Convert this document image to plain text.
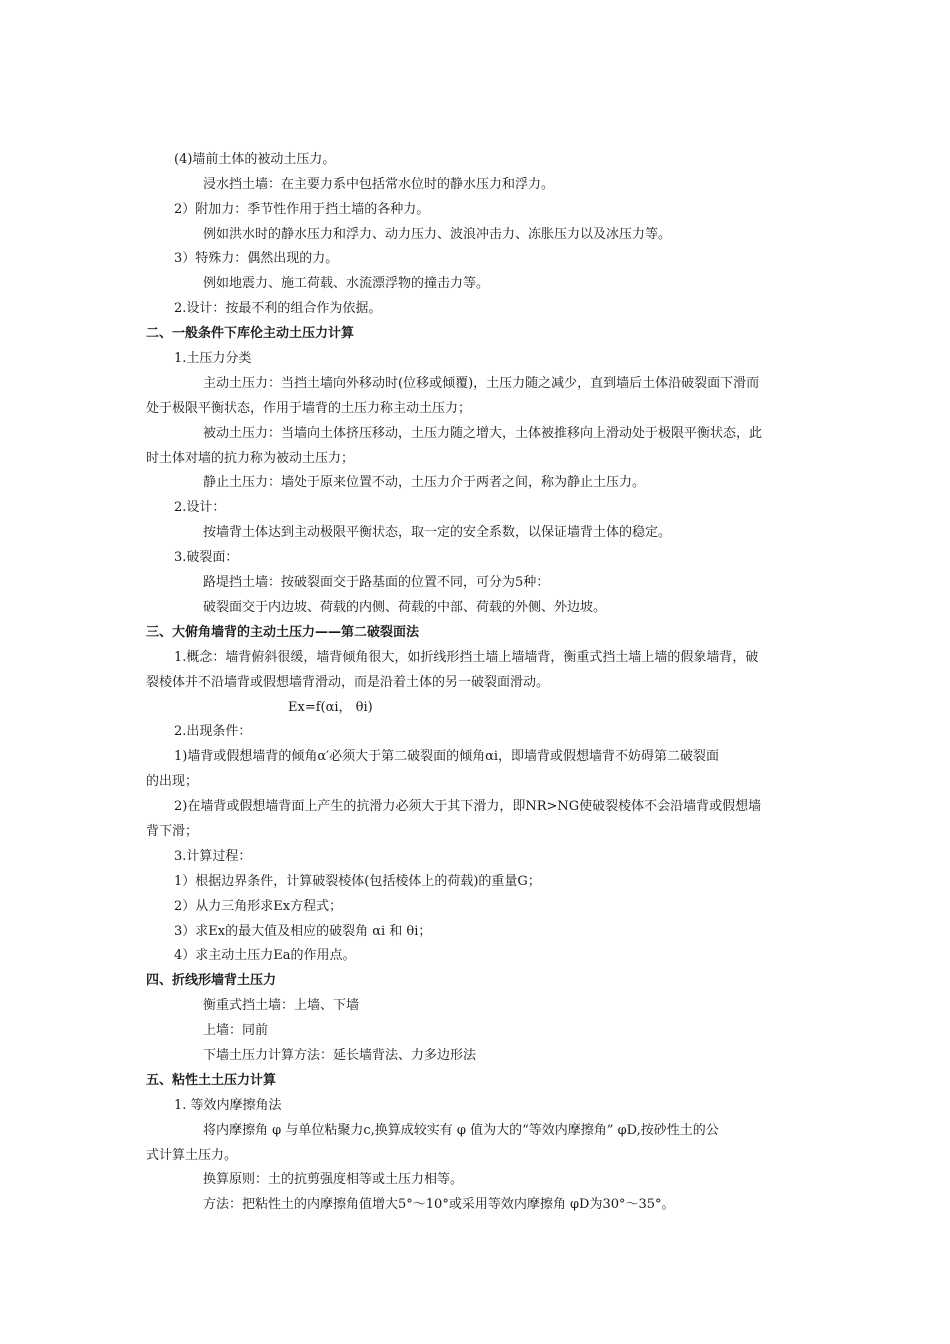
(4)墙前土体的被动土压力。
浸水挡土墙：在主要力系中包括常水位时的静水压力和浮力。
2）附加力：季节性作用于挡土墙的各种力。
例如洪水时的静水压力和浮力、动力压力、波浪冲击力、冻胀压力以及冰压力等。
3）特殊力：偶然出现的力。
例如地震力、施工荷载、水流漂浮物的撞击力等。
2.设计：按最不利的组合作为依据。
二、一般条件下库伦主动土压力计算
1.土压力分类
主动土压力：当挡土墙向外移动时(位移或倾覆)，土压力随之减少，直到墙后土体沿破裂面下滑而
处于极限平衡状态，作用于墙背的土压力称主动土压力；
被动土压力：当墙向土体挤压移动，土压力随之增大，土体被推移向上滑动处于极限平衡状态，此
时土体对墙的抗力称为被动土压力；
静止土压力：墙处于原来位置不动，土压力介于两者之间，称为静止土压力。
2.设计：
按墙背土体达到主动极限平衡状态，取一定的安全系数，以保证墙背土体的稳定。
3.破裂面：
路堤挡土墙：按破裂面交于路基面的位置不同，可分为5种：
破裂面交于内边坡、荷载的内侧、荷载的中部、荷载的外侧、外边坡。
三、大俯角墙背的主动土压力——第二破裂面法
1.概念：墙背俯斜很缓，墙背倾角很大，如折线形挡土墙上墙墙背，衡重式挡土墙上墙的假象墙背，破
裂棱体并不沿墙背或假想墙背滑动，而是沿着土体的另一破裂面滑动。
Ex=f(αi， θi)
2.出现条件：
1)墙背或假想墙背的倾角α′必须大于第二破裂面的倾角αi，即墙背或假想墙背不妨碍第二破裂面
的出现；
2)在墙背或假想墙背面上产生的抗滑力必须大于其下滑力，即NR>NG使破裂棱体不会沿墙背或假想墙
背下滑；
3.计算过程：
1）根据边界条件，计算破裂棱体(包括棱体上的荷载)的重量G；
2）从力三角形求Ex方程式；
3）求Ex的最大值及相应的破裂角 αi 和 θi；
4）求主动土压力Ea的作用点。
四、折线形墙背土压力
衡重式挡土墙：上墙、下墙
上墙：同前
下墙土压力计算方法：延长墙背法、力多边形法
五、粘性土土压力计算
1. 等效内摩擦角法
将内摩擦角 φ 与单位粘聚力c,换算成较实有 φ 值为大的“等效内摩擦角” φD,按砂性土的公
式计算土压力。
换算原则：土的抗剪强度相等或土压力相等。
方法：把粘性土的内摩擦角值增大5°～10°或采用等效内摩擦角 φD为30°～35°。
